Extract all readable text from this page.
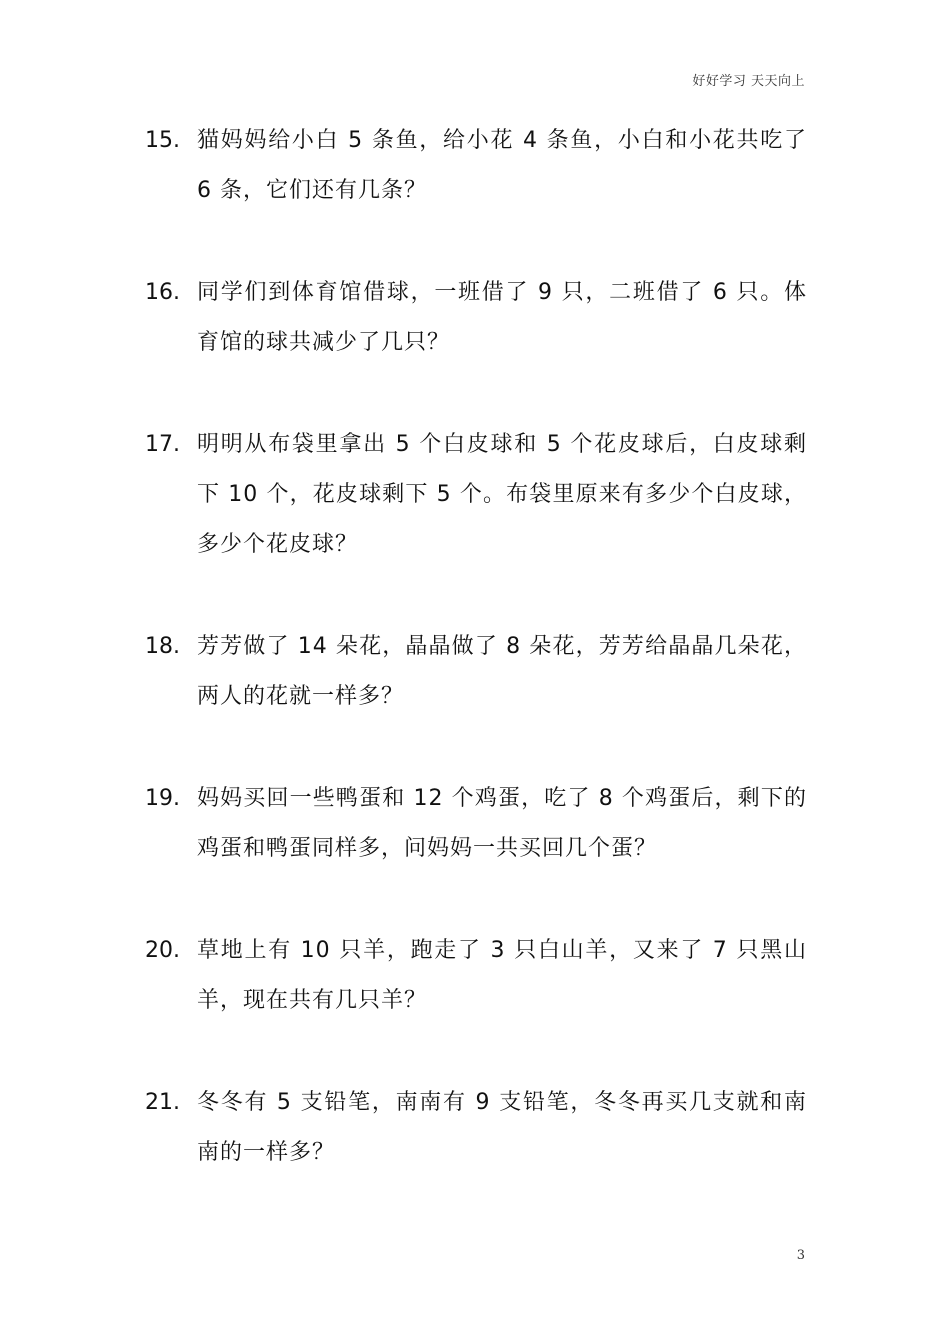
好好学习 天天向上
15. 猫妈妈给小白 5 条鱼，给小花 4 条鱼，小白和小花共吃了 6 条，它们还有几条？
16. 同学们到体育馆借球，一班借了 9 只，二班借了 6 只。体育馆的球共减少了几只？
17. 明明从布袋里拿出 5 个白皮球和 5 个花皮球后，白皮球剩下 10 个，花皮球剩下 5 个。布袋里原来有多少个白皮球，多少个花皮球？
18. 芳芳做了 14 朵花，晶晶做了 8 朵花，芳芳给晶晶几朵花，两人的花就一样多？
19. 妈妈买回一些鸭蛋和 12 个鸡蛋，吃了 8 个鸡蛋后，剩下的鸡蛋和鸭蛋同样多，问妈妈一共买回几个蛋？
20. 草地上有 10 只羊，跑走了 3 只白山羊，又来了 7 只黑山羊，现在共有几只羊？
21. 冬冬有 5 支铅笔，南南有 9 支铅笔，冬冬再买几支就和南南的一样多？
3
